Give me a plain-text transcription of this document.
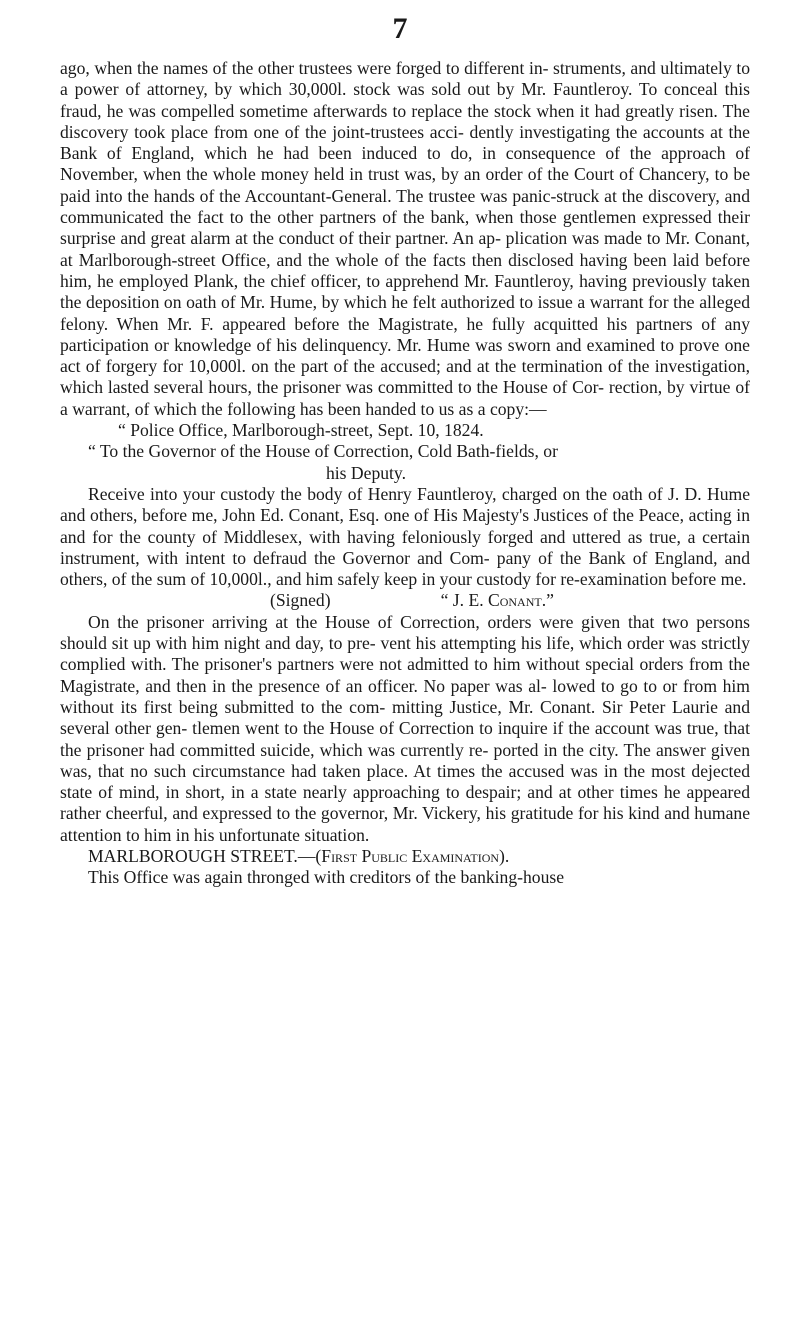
7

ago, when the names of the other trustees were forged to different in- struments, and ultimately to a power of attorney, by which 30,000l. stock was sold out by Mr. Fauntleroy. To conceal this fraud, he was compelled sometime afterwards to replace the stock when it had greatly risen. The discovery took place from one of the joint-trustees acci- dently investigating the accounts at the Bank of England, which he had been induced to do, in consequence of the approach of November, when the whole money held in trust was, by an order of the Court of Chancery, to be paid into the hands of the Accountant-General. The trustee was panic-struck at the discovery, and communicated the fact to the other partners of the bank, when those gentlemen expressed their surprise and great alarm at the conduct of their partner. An ap- plication was made to Mr. Conant, at Marlborough-street Office, and the whole of the facts then disclosed having been laid before him, he employed Plank, the chief officer, to apprehend Mr. Fauntleroy, having previously taken the deposition on oath of Mr. Hume, by which he felt authorized to issue a warrant for the alleged felony. When Mr. F. appeared before the Magistrate, he fully acquitted his partners of any participation or knowledge of his delinquency. Mr. Hume was sworn and examined to prove one act of forgery for 10,000l. on the part of the accused; and at the termination of the investigation, which lasted several hours, the prisoner was committed to the House of Cor- rection, by virtue of a warrant, of which the following has been handed to us as a copy:—

“ Police Office, Marlborough-street, Sept. 10, 1824.

“ To the Governor of the House of Correction, Cold Bath-fields, or
his Deputy.

Receive into your custody the body of Henry Fauntleroy, charged on the oath of J. D. Hume and others, before me, John Ed. Conant, Esq. one of His Majesty's Justices of the Peace, acting in and for the county of Middlesex, with having feloniously forged and uttered as true, a certain instrument, with intent to defraud the Governor and Com- pany of the Bank of England, and others, of the sum of 10,000l., and him safely keep in your custody for re-examination before me.

(Signed)	“ J. E. Conant.”

On the prisoner arriving at the House of Correction, orders were given that two persons should sit up with him night and day, to pre- vent his attempting his life, which order was strictly complied with. The prisoner's partners were not admitted to him without special orders from the Magistrate, and then in the presence of an officer. No paper was al- lowed to go to or from him without its first being submitted to the com- mitting Justice, Mr. Conant. Sir Peter Laurie and several other gen- tlemen went to the House of Correction to inquire if the account was true, that the prisoner had committed suicide, which was currently re- ported in the city. The answer given was, that no such circumstance had taken place. At times the accused was in the most dejected state of mind, in short, in a state nearly approaching to despair; and at other times he appeared rather cheerful, and expressed to the governor, Mr. Vickery, his gratitude for his kind and humane attention to him in his unfortunate situation.

MARLBOROUGH STREET.—(First Public Examination).

This Office was again thronged with creditors of the banking-house
